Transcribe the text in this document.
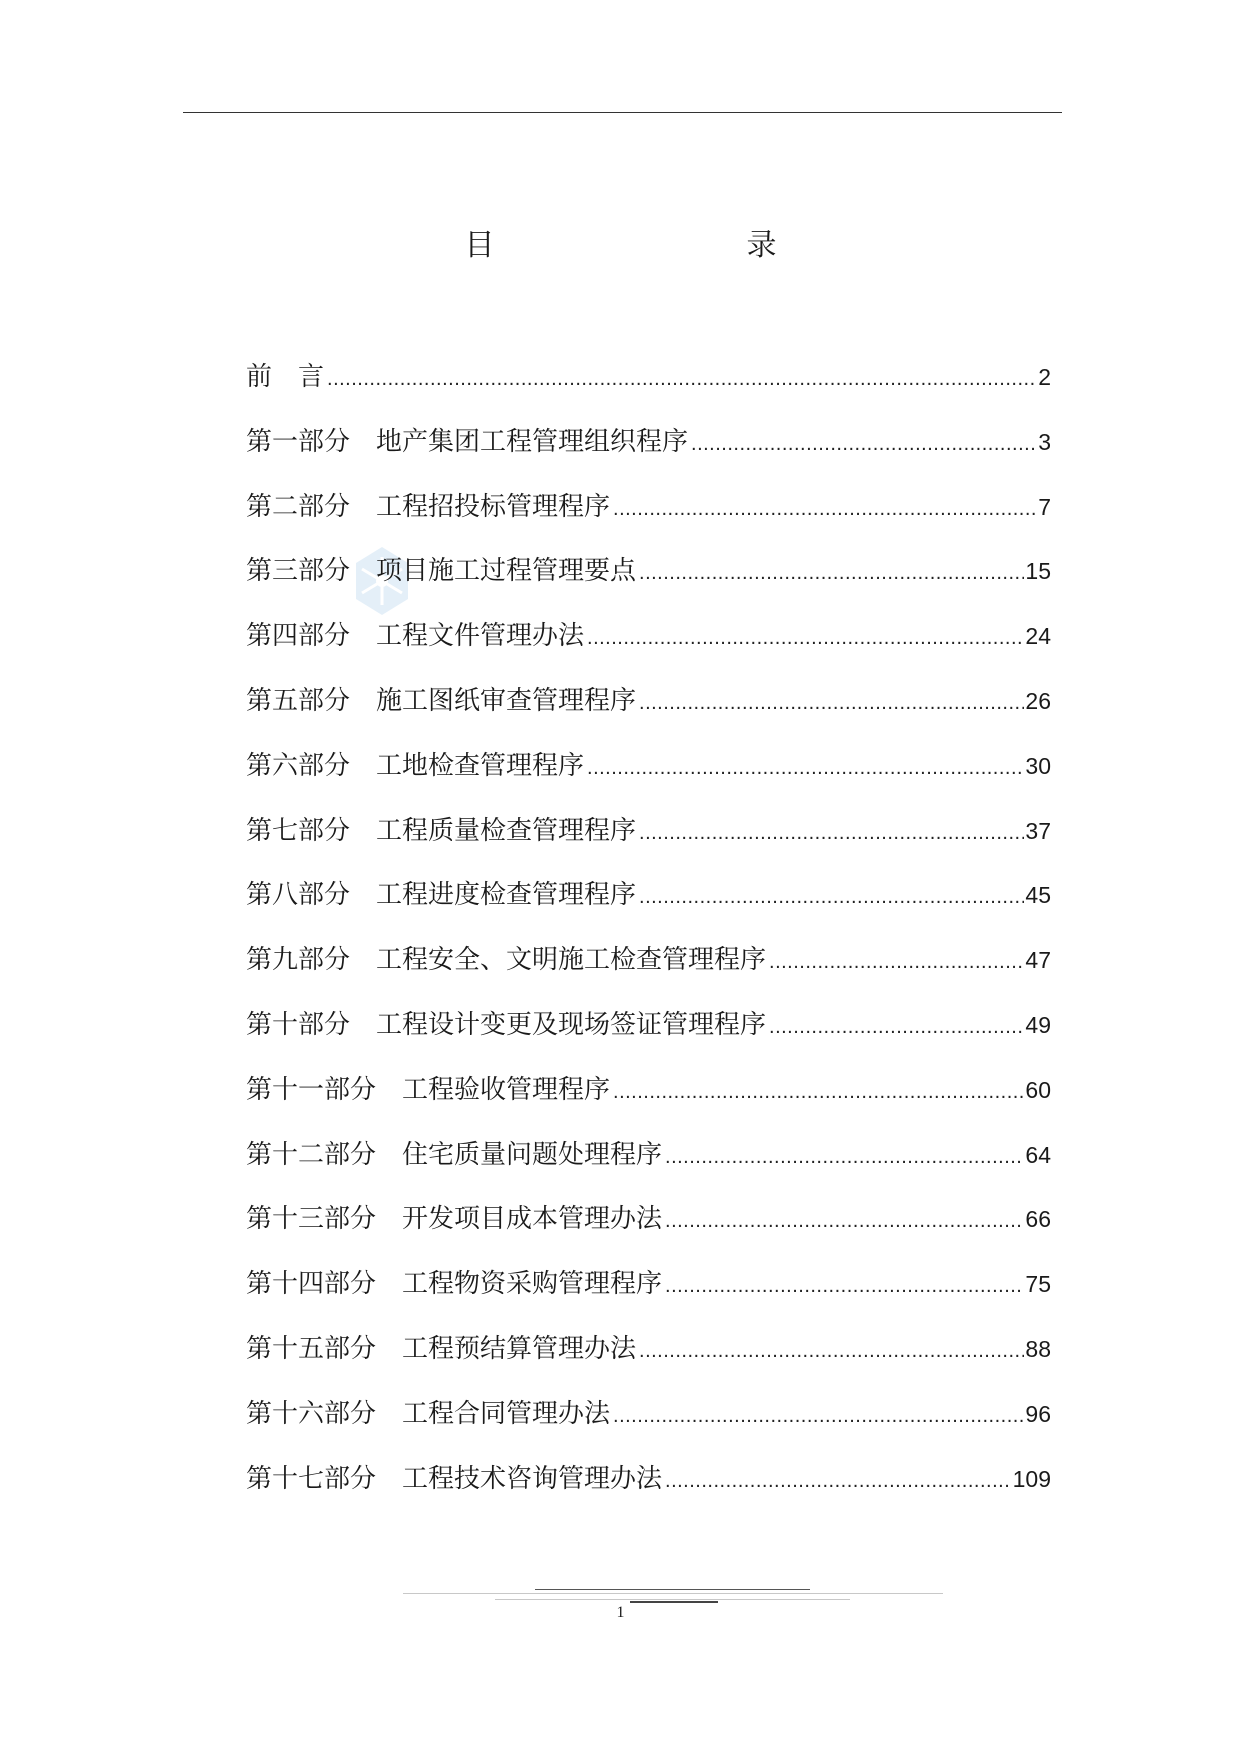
目　　录
前　言 .....	2
第一部分　地产集团工程管理组织程序 .....	3
第二部分　工程招投标管理程序 .....	7
第三部分　项目施工过程管理要点 .....	15
第四部分　工程文件管理办法 .....	24
第五部分　施工图纸审查管理程序 .....	26
第六部分　工地检查管理程序 .....	30
第七部分　工程质量检查管理程序 .....	37
第八部分　工程进度检查管理程序 .....	45
第九部分　工程安全、文明施工检查管理程序 .....	47
第十部分　工程设计变更及现场签证管理程序 .....	49
第十一部分　工程验收管理程序 .....	60
第十二部分　住宅质量问题处理程序 .....	64
第十三部分　开发项目成本管理办法 .....	66
第十四部分　工程物资采购管理程序 .....	75
第十五部分　工程预结算管理办法 .....	88
第十六部分　工程合同管理办法 .....	96
第十七部分　工程技术咨询管理办法 .....	109
1
